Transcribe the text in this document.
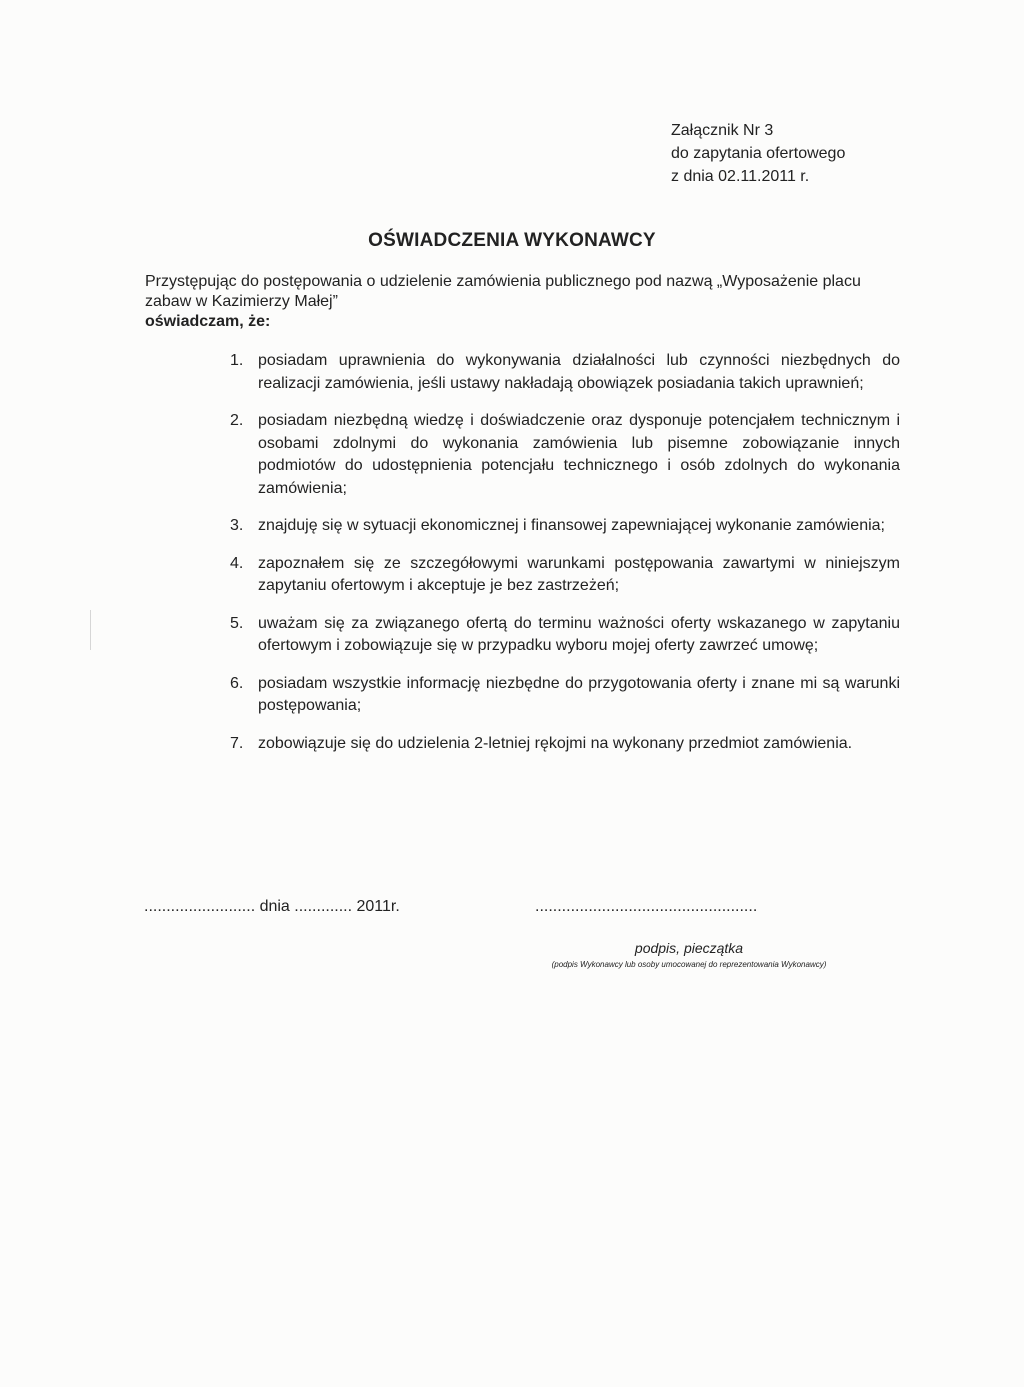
Załącznik Nr 3
do zapytania ofertowego
z dnia 02.11.2011 r.
OŚWIADCZENIA WYKONAWCY
Przystępując do postępowania o udzielenie zamówienia publicznego pod nazwą „Wyposażenie placu zabaw w Kazimierzy Małej”
oświadczam, że:
1. posiadam uprawnienia do wykonywania działalności lub czynności niezbędnych do realizacji zamówienia, jeśli ustawy nakładają obowiązek posiadania takich uprawnień;
2. posiadam niezbędną wiedzę i doświadczenie oraz dysponuje potencjałem technicznym i osobami zdolnymi do wykonania zamówienia lub pisemne zobowiązanie innych podmiotów do udostępnienia potencjału technicznego i osób zdolnych do wykonania zamówienia;
3. znajduję się w sytuacji ekonomicznej i finansowej zapewniającej wykonanie zamówienia;
4. zapoznałem się ze szczegółowymi warunkami postępowania zawartymi w niniejszym zapytaniu ofertowym i akceptuje je bez zastrzeżeń;
5. uważam się za związanego ofertą do terminu ważności oferty wskazanego w zapytaniu ofertowym i zobowiązuje się w przypadku wyboru mojej oferty zawrzeć umowę;
6. posiadam wszystkie informację niezbędne do przygotowania oferty i znane mi są warunki postępowania;
7. zobowiązuje się do udzielenia 2-letniej rękojmi na wykonany przedmiot zamówienia.
......................... dnia ............. 2011r.	..................................................
podpis, pieczątka
(podpis Wykonawcy lub osoby umocowanej do reprezentowania Wykonawcy)
